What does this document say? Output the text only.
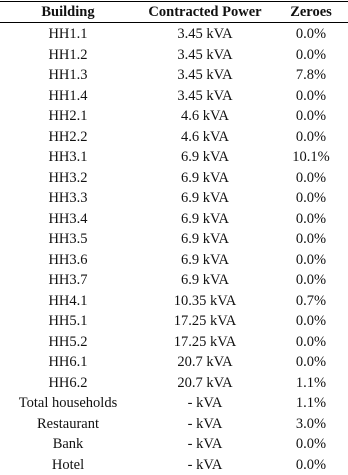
Building	Contracted Power	Zeroes
HH1.1	3.45 kVA	0.0%
HH1.2	3.45 kVA	0.0%
HH1.3	3.45 kVA	7.8%
HH1.4	3.45 kVA	0.0%
HH2.1	4.6 kVA	0.0%
HH2.2	4.6 kVA	0.0%
HH3.1	6.9 kVA	10.1%
HH3.2	6.9 kVA	0.0%
HH3.3	6.9 kVA	0.0%
HH3.4	6.9 kVA	0.0%
HH3.5	6.9 kVA	0.0%
HH3.6	6.9 kVA	0.0%
HH3.7	6.9 kVA	0.0%
HH4.1	10.35 kVA	0.7%
HH5.1	17.25 kVA	0.0%
HH5.2	17.25 kVA	0.0%
HH6.1	20.7 kVA	0.0%
HH6.2	20.7 kVA	1.1%
Total households	- kVA	1.1%
Restaurant	- kVA	3.0%
Bank	- kVA	0.0%
Hotel	- kVA	0.0%
